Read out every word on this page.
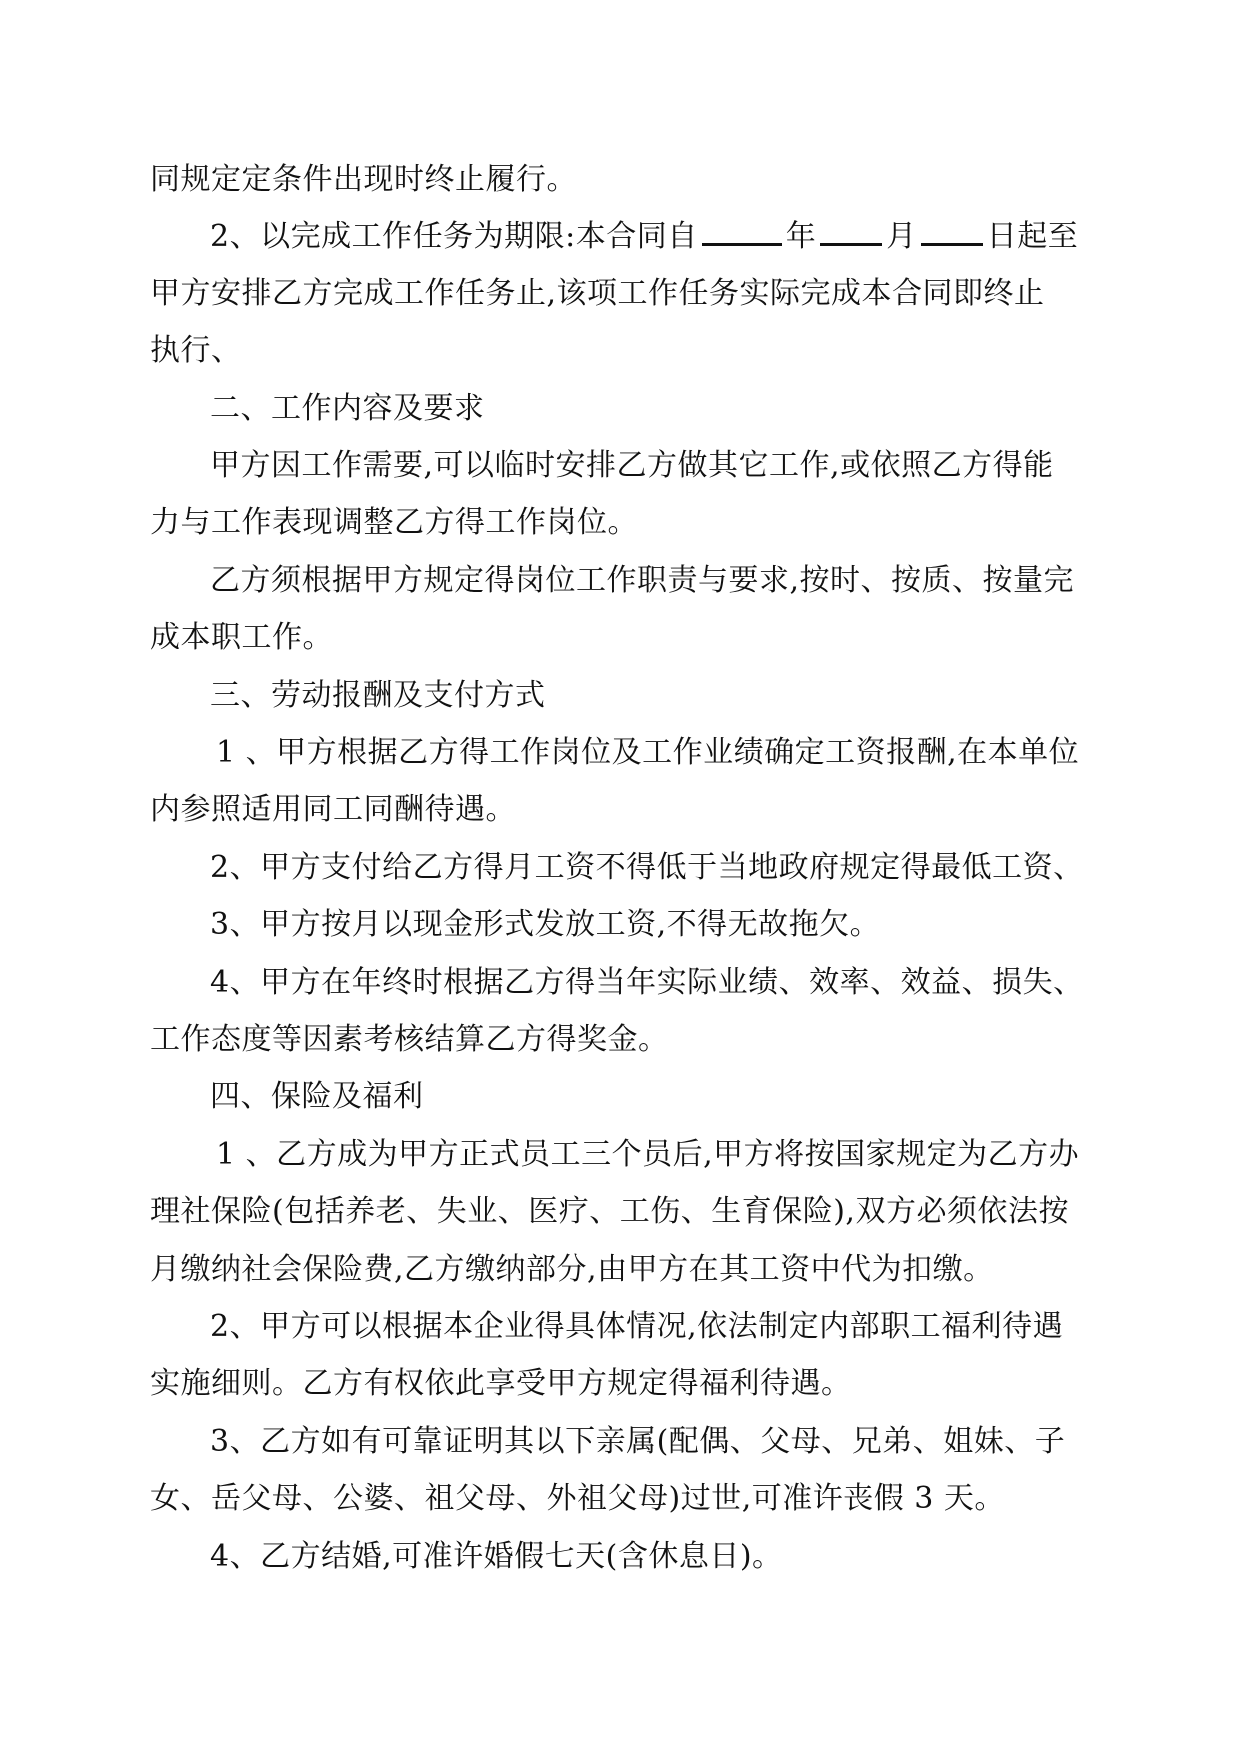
同规定定条件出现时终止履行。
2、以完成工作任务为期限:本合同自	年 月 日起至
甲方安排乙方完成工作任务止,该项工作任务实际完成本合同即终止
执行、
二、工作内容及要求
甲方因工作需要,可以临时安排乙方做其它工作,或依照乙方得能
力与工作表现调整乙方得工作岗位。
乙方须根据甲方规定得岗位工作职责与要求,按时、按质、按量完
成本职工作。
三、劳动报酬及支付方式
1 、甲方根据乙方得工作岗位及工作业绩确定工资报酬,在本单位
内参照适用同工同酬待遇。
2、甲方支付给乙方得月工资不得低于当地政府规定得最低工资、
3、甲方按月以现金形式发放工资,不得无故拖欠。
4、甲方在年终时根据乙方得当年实际业绩、效率、效益、损失、
工作态度等因素考核结算乙方得奖金。
四、保险及福利
1 、乙方成为甲方正式员工三个员后,甲方将按国家规定为乙方办
理社保险(包括养老、失业、医疗、工伤、生育保险),双方必须依法按
月缴纳社会保险费,乙方缴纳部分,由甲方在其工资中代为扣缴。
2、甲方可以根据本企业得具体情况,依法制定内部职工福利待遇
实施细则。乙方有权依此享受甲方规定得福利待遇。
3、乙方如有可靠证明其以下亲属(配偶、父母、兄弟、姐妹、子
女、岳父母、公婆、祖父母、外祖父母)过世,可准许丧假 3 天。
4、乙方结婚,可准许婚假七天(含休息日)。
